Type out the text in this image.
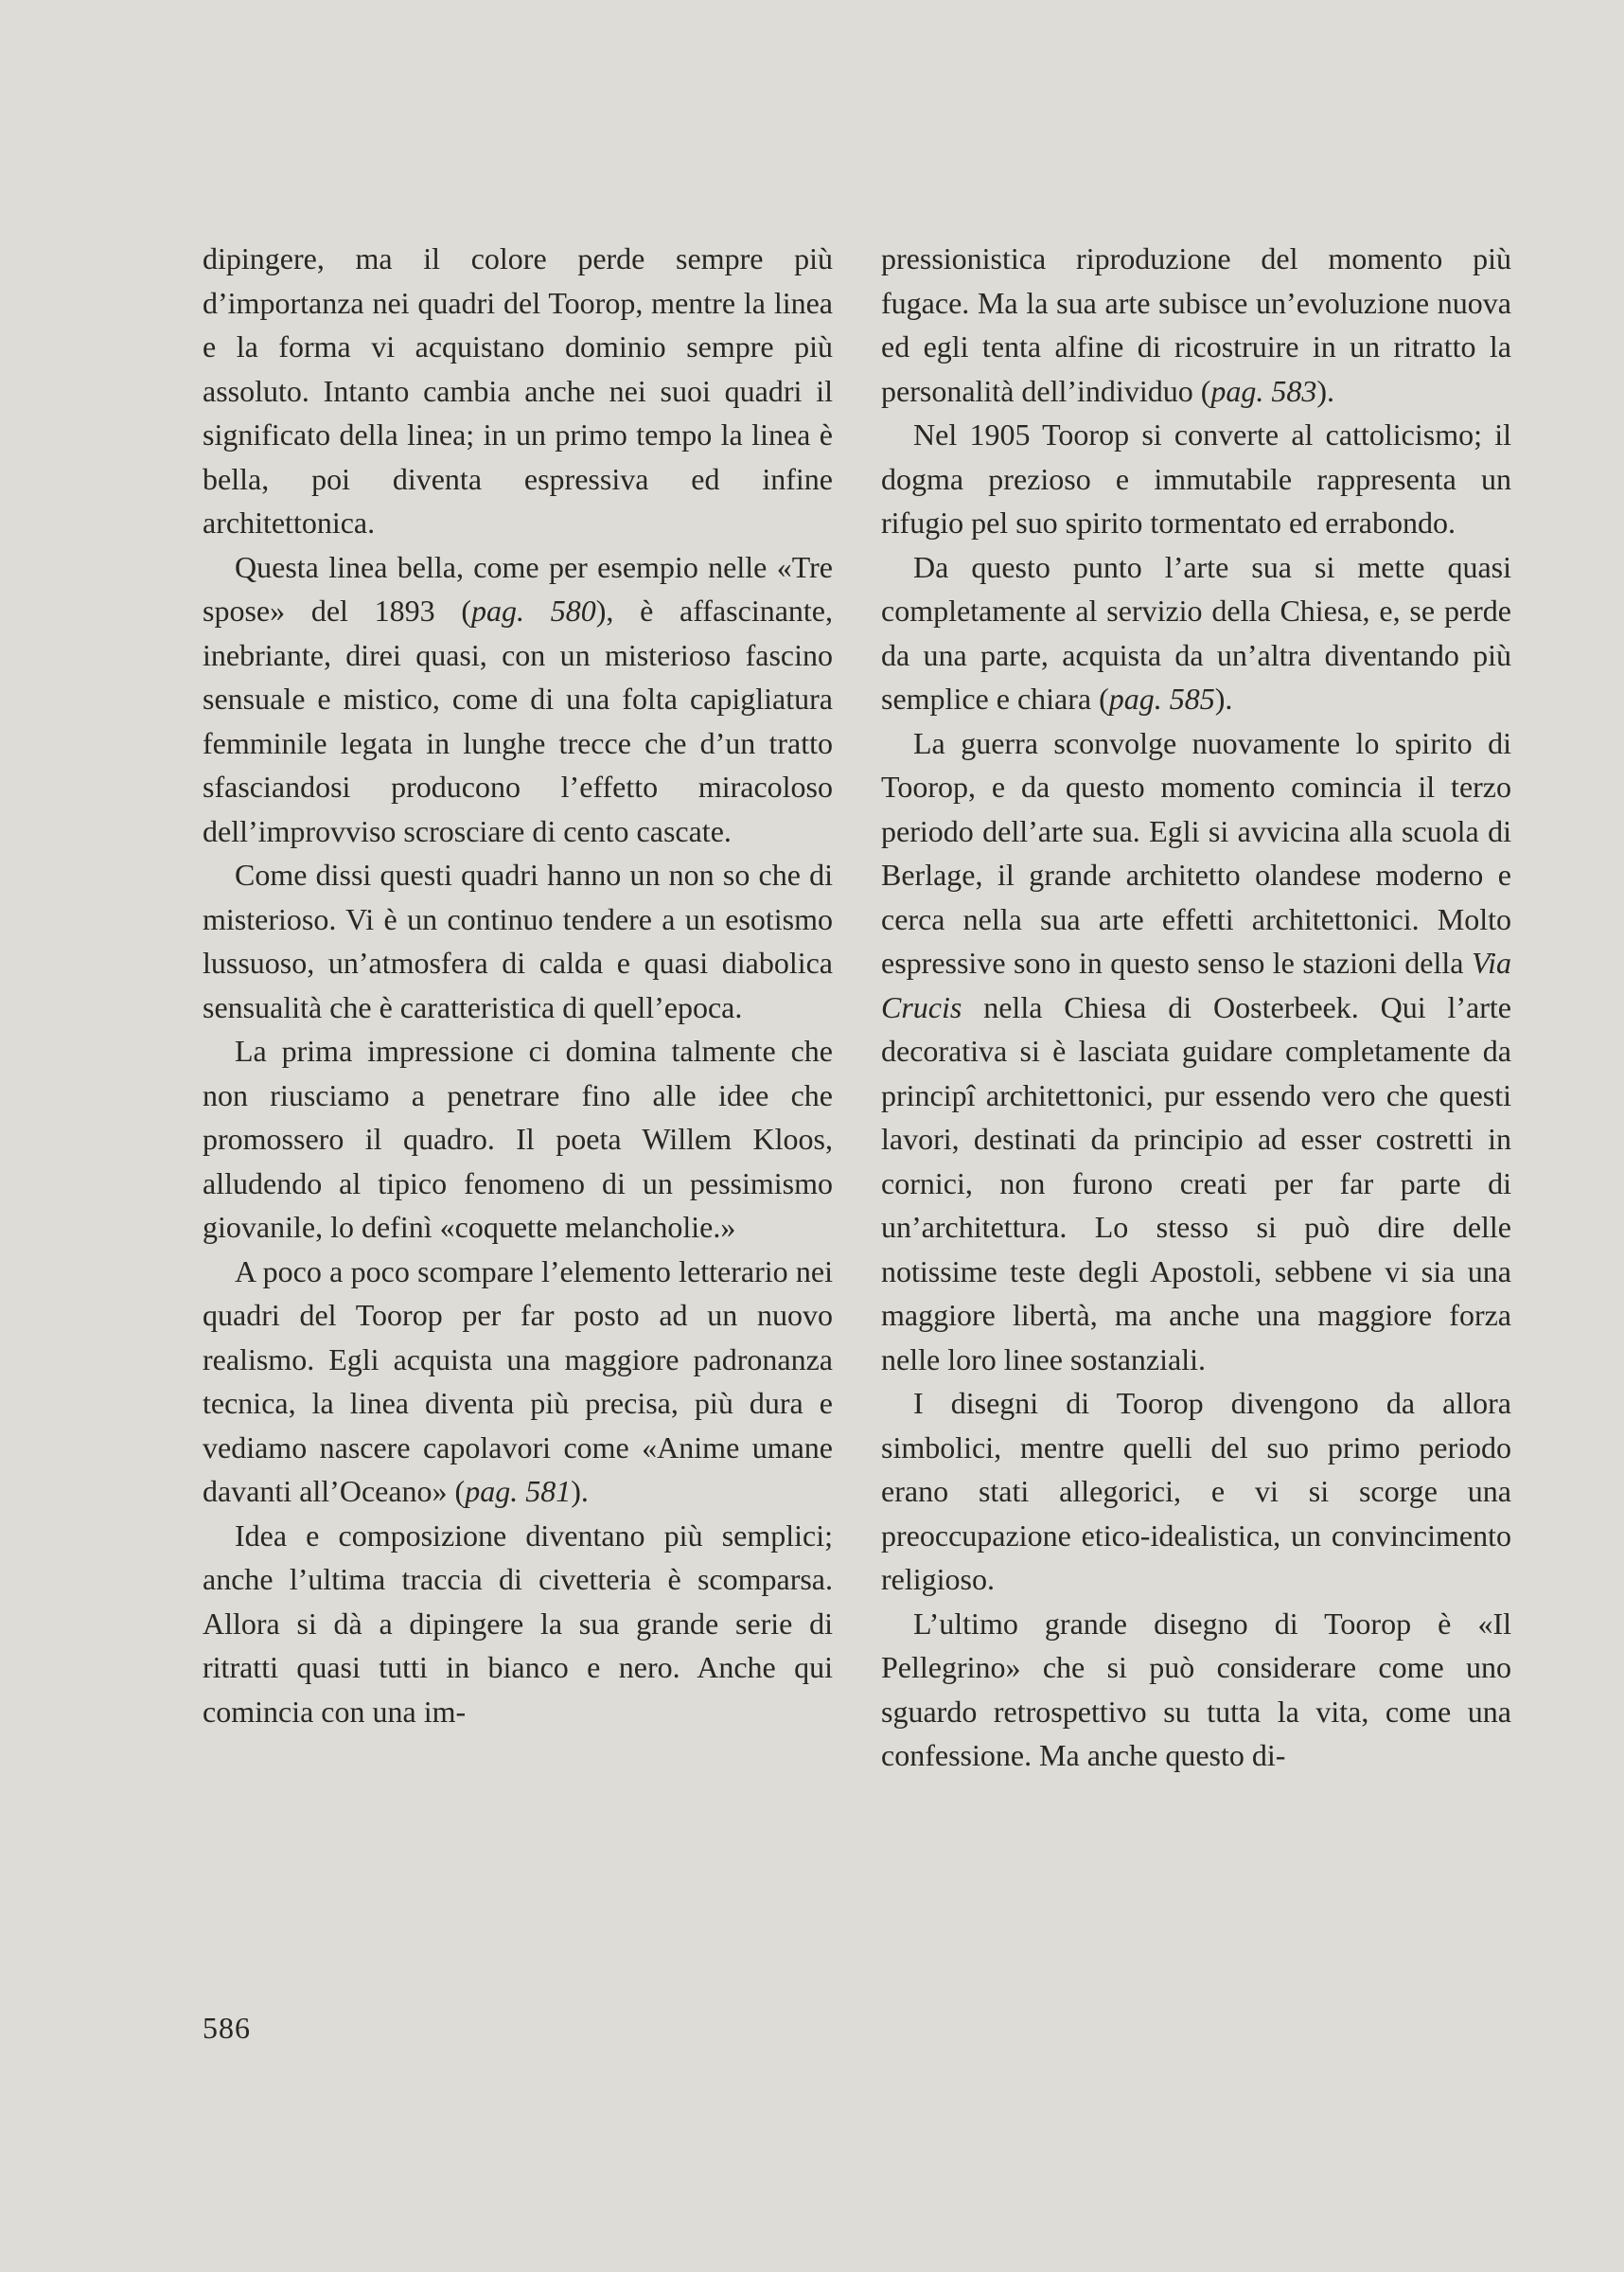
dipingere, ma il colore perde sempre più d’importanza nei quadri del Toorop, mentre la linea e la forma vi acquistano dominio sempre più assoluto. Intanto cambia anche nei suoi quadri il significato della linea; in un primo tempo la linea è bella, poi diventa espressiva ed infine architettonica.

Questa linea bella, come per esempio nelle «Tre spose» del 1893 (pag. 580), è affascinante, inebriante, direi quasi, con un misterioso fascino sensuale e mistico, come di una folta capigliatura femminile legata in lunghe trecce che d’un tratto sfasciandosi producono l’effetto miracoloso dell’improvviso scrosciare di cento cascate.

Come dissi questi quadri hanno un non so che di misterioso. Vi è un continuo tendere a un esotismo lussuoso, un’atmosfera di calda e quasi diabolica sensualità che è caratteristica di quell’epoca.

La prima impressione ci domina talmente che non riusciamo a penetrare fino alle idee che promossero il quadro. Il poeta Willem Kloos, alludendo al tipico fenomeno di un pessimismo giovanile, lo definì «coquette melancholie.»

A poco a poco scompare l’elemento letterario nei quadri del Toorop per far posto ad un nuovo realismo. Egli acquista una maggiore padronanza tecnica, la linea diventa più precisa, più dura e vediamo nascere capolavori come «Anime umane davanti all’Oceano» (pag. 581).

Idea e composizione diventano più semplici; anche l’ultima traccia di civetteria è scomparsa. Allora si dà a dipingere la sua grande serie di ritratti quasi tutti in bianco e nero. Anche qui comincia con una im-

pressionistica riproduzione del momento più fugace. Ma la sua arte subisce un’evoluzione nuova ed egli tenta alfine di ricostruire in un ritratto la personalità dell’individuo (pag. 583).

Nel 1905 Toorop si converte al cattolicismo; il dogma prezioso e immutabile rappresenta un rifugio pel suo spirito tormentato ed errabondo.

Da questo punto l’arte sua si mette quasi completamente al servizio della Chiesa, e, se perde da una parte, acquista da un’altra diventando più semplice e chiara (pag. 585).

La guerra sconvolge nuovamente lo spirito di Toorop, e da questo momento comincia il terzo periodo dell’arte sua. Egli si avvicina alla scuola di Berlage, il grande architetto olandese moderno e cerca nella sua arte effetti architettonici. Molto espressive sono in questo senso le stazioni della Via Crucis nella Chiesa di Oosterbeek. Qui l’arte decorativa si è lasciata guidare completamente da principî architettonici, pur essendo vero che questi lavori, destinati da principio ad esser costretti in cornici, non furono creati per far parte di un’architettura. Lo stesso si può dire delle notissime teste degli Apostoli, sebbene vi sia una maggiore libertà, ma anche una maggiore forza nelle loro linee sostanziali.

I disegni di Toorop divengono da allora simbolici, mentre quelli del suo primo periodo erano stati allegorici, e vi si scorge una preoccupazione etico-idealistica, un convincimento religioso.

L’ultimo grande disegno di Toorop è «Il Pellegrino» che si può considerare come uno sguardo retrospettivo su tutta la vita, come una confessione. Ma anche questo di-

586
